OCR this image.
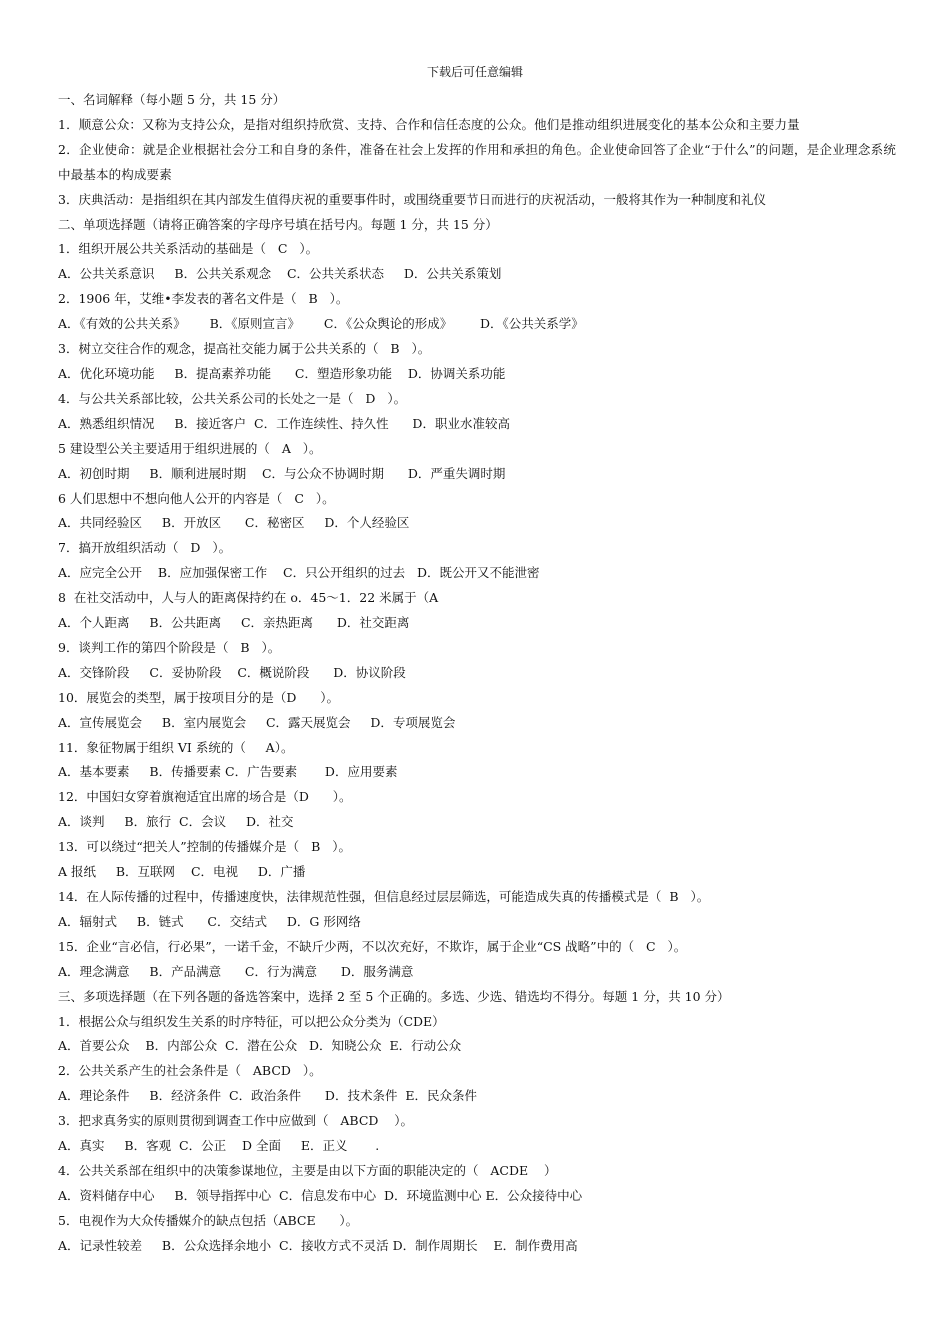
下载后可任意编辑
一、名词解释（每小题 5 分，共 15 分）
1．顺意公众：又称为支持公众，是指对组织持欣赏、支持、合作和信任态度的公众。他们是推动组织进展变化的基本公众和主要力量
2．企业使命：就是企业根据社会分工和自身的条件，准备在社会上发挥的作用和承担的角色。企业使命回答了企业“于什么”的问题，是企业理念系统中最基本的构成要素
3．庆典活动：是指组织在其内部发生值得庆祝的重要事件时，或围绕重要节日而进行的庆祝活动，一般将其作为一种制度和礼仪
二、单项选择题（请将正确答案的字母序号填在括号内。每题 1 分，共 15 分）
1．组织开展公共关系活动的基础是（   C   ）。
A．公共关系意识     B．公共关系观念    C．公共关系状态     D．公共关系策划
2．1906 年，艾维•李发表的著名文件是（   B   ）。
A．《有效的公共关系》      B．《原则宣言》      C．《公众舆论的形成》       D．《公共关系学》
3．树立交往合作的观念，提高社交能力属于公共关系的（   B   ）。
A．优化环境功能     B．提高素养功能      C．塑造形象功能    D．协调关系功能
4．与公共关系部比较，公共关系公司的长处之一是（   D   ）。
A．熟悉组织情况     B．接近客户  C．工作连续性、持久性      D．职业水准较高
5 建设型公关主要适用于组织进展的（   A   ）。
A．初创时期     B．顺利进展时期    C．与公众不协调时期      D．严重失调时期
6 人们思想中不想向他人公开的内容是（   C   ）。
A．共同经验区     B．开放区      C．秘密区     D．个人经验区
7．搞开放组织活动（   D   ）。
A．应完全公开    B．应加强保密工作    C．只公开组织的过去   D．既公开又不能泄密
8  在社交活动中，人与人的距离保持约在 o．45～1．22 米属于（A
A．个人距离     B．公共距离     C．亲热距离      D．社交距离
9．谈判工作的第四个阶段是（   B   ）。
A．交锋阶段     C．妥协阶段    C．概说阶段      D．协议阶段
10．展览会的类型，属于按项目分的是（D      ）。
A．宣传展览会     B．室内展览会     C．露天展览会     D．专项展览会
11．象征物属于组织 VI 系统的（     A）。
A．基本要素     B．传播要素 C．广告要素       D．应用要素
12．中国妇女穿着旗袍适宜出席的场合是（D      ）。
A．谈判     B．旅行  C．会议     D．社交
13．可以绕过“把关人”控制的传播媒介是（   B   ）。
A 报纸     B．互联网    C．电视     D．广播
14．在人际传播的过程中，传播速度快，法律规范性强，但信息经过层层筛选，可能造成失真的传播模式是（  B   ）。
A．辐射式     B．链式      C．交结式     D．G 形网络
15．企业“言必信，行必果”，一诺千金，不缺斤少两，不以次充好，不欺诈，属于企业“CS 战略”中的（   C   ）。
A．理念满意     B．产品满意      C．行为满意      D．服务满意
三、多项选择题（在下列各题的备选答案中，选择 2 至 5 个正确的。多选、少选、错选均不得分。每题 1 分，共 10 分）
1．根据公众与组织发生关系的时序特征，可以把公众分类为（CDE）
A．首要公众    B．内部公众  C．潜在公众   D．知晓公众  E．行动公众
2．公共关系产生的社会条件是（   ABCD   ）。
A．理论条件     B．经济条件  C．政治条件      D．技术条件  E．民众条件
3．把求真务实的原则贯彻到调查工作中应做到（   ABCD    ）。
A．真实     B．客观  C．公正    D 全面     E．正义       .
4．公共关系部在组织中的决策参谋地位，主要是由以下方面的职能决定的（   ACDE    ）
A．资料储存中心     B．领导指挥中心  C．信息发布中心  D．环境监测中心 E．公众接待中心
5．电视作为大众传播媒介的缺点包括（ABCE      ）。
A．记录性较差     B．公众选择余地小  C．接收方式不灵活 D．制作周期长    E．制作费用高
